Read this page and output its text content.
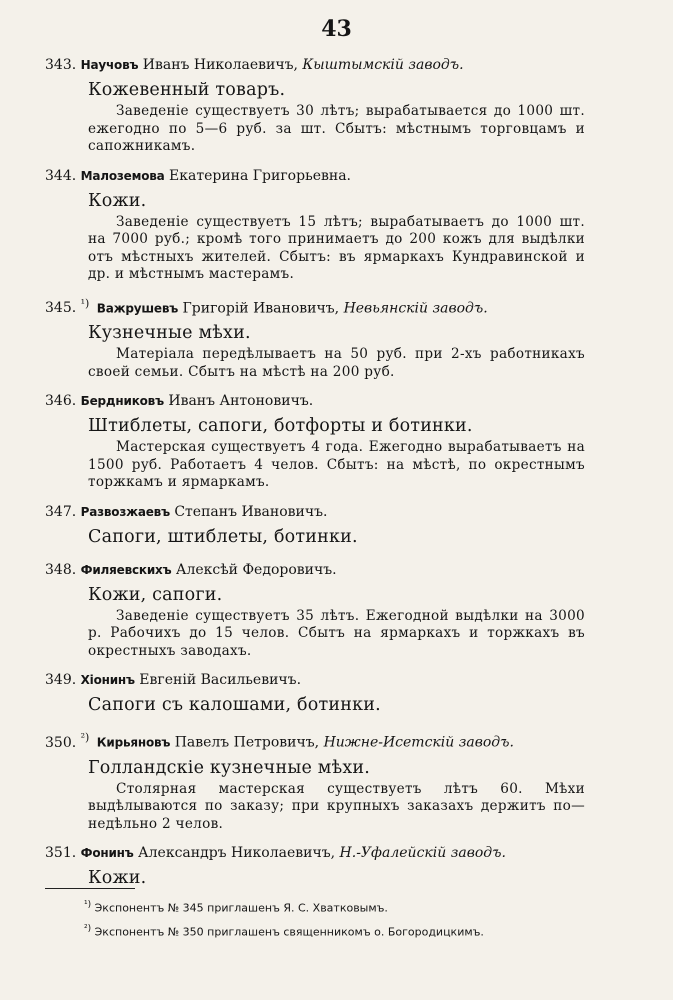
43
343. Научовъ Иванъ Николаевичъ, Кыштымскій заводъ.
Кожевенный товаръ.
Заведеніе существуетъ 30 лѣтъ; вырабатывается до 1000 шт. ежегодно по 5—6 руб. за шт. Сбытъ: мѣстнымъ торговцамъ и сапожникамъ.
344. Малоземова Екатерина Григорьевна.
Кожи.
Заведеніе существуетъ 15 лѣтъ; вырабатываетъ до 1000 шт. на 7000 руб.; кромѣ того принимаетъ до 200 кожъ для выдѣлки отъ мѣстныхъ жителей. Сбытъ: въ ярмаркахъ Кундравинской и др. и мѣстнымъ мастерамъ.
345. $^{^1)}$ Важрушевъ Григорій Ивановичъ, Невьянскій заводъ.
Кузнечные мѣхи.
Матеріала передѣлываетъ на 50 руб. при 2-хъ работникахъ своей семьи. Сбытъ на мѣстѣ на 200 руб.
346. Бердниковъ Иванъ Антоновичъ.
Штиблеты, сапоги, ботфорты и ботинки.
Мастерская существуетъ 4 года. Ежегодно вырабатываетъ на 1500 руб. Работаетъ 4 челов. Сбытъ: на мѣстѣ, по окрестнымъ торжкамъ и ярмаркамъ.
347. Развозжаевъ Степанъ Ивановичъ.
Сапоги, штиблеты, ботинки.
348. Филяевскихъ Алексѣй Федоровичъ.
Кожи, сапоги.
Заведеніе существуетъ 35 лѣтъ. Ежегодной выдѣлки на 3000 р. Рабочихъ до 15 челов. Сбытъ на ярмаркахъ и торжкахъ въ окрестныхъ заводахъ.
349. Хіонинъ Евгеній Васильевичъ.
Сапоги съ калошами, ботинки.
350. $^{^2)}$ Кирьяновъ Павелъ Петровичъ, Нижне-Исетскій заводъ.
Голландскіе кузнечные мѣхи.
Столярная мастерская существуетъ лѣтъ 60. Мѣхи выдѣлываются по заказу; при крупныхъ заказахъ держитъ по—недѣльно 2 челов.
351. Фонинъ Александръ Николаевичъ, Н.-Уфалейскій заводъ.
Кожи.
$^{^1)}$ Экспонентъ № 345 приглашенъ Я. С. Хватковымъ.
$^{^2)}$ Экспонентъ № 350 приглашенъ священникомъ о. Богородицкимъ.
